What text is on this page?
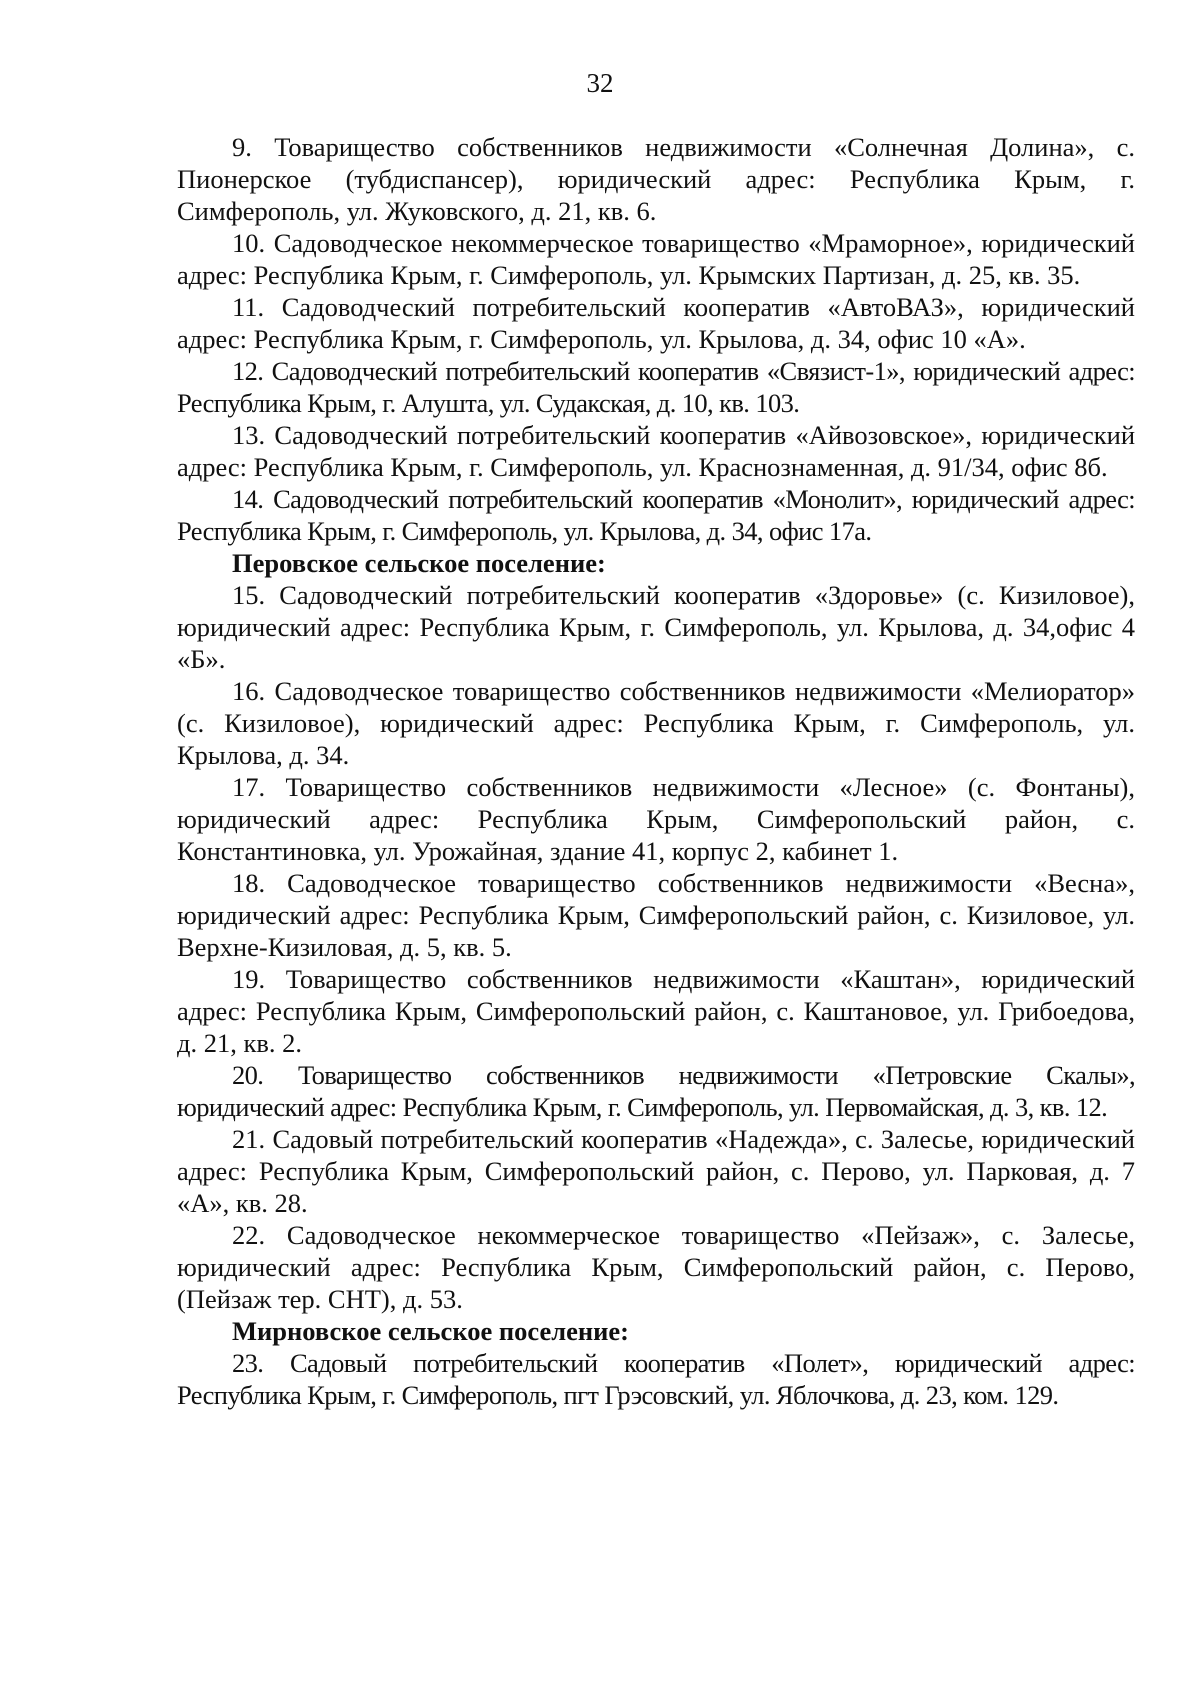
32

9. Товарищество собственников недвижимости «Солнечная Долина», с. Пионерское (тубдиспансер), юридический адрес: Республика Крым, г. Симферополь, ул. Жуковского, д. 21, кв. 6.

10. Садоводческое некоммерческое товарищество «Мраморное», юридический адрес: Республика Крым, г. Симферополь, ул. Крымских Партизан, д. 25, кв. 35.

11. Садоводческий потребительский кооператив «АвтоВАЗ», юридический адрес: Республика Крым, г. Симферополь, ул. Крылова, д. 34, офис 10 «А».

12. Садоводческий потребительский кооператив «Связист-1», юридический адрес: Республика Крым, г. Алушта, ул. Судакская, д. 10, кв. 103.

13. Садоводческий потребительский кооператив «Айвозовское», юридический адрес: Республика Крым, г. Симферополь, ул. Краснознаменная, д. 91/34, офис 8б.

14. Садоводческий потребительский кооператив «Монолит», юридический адрес: Республика Крым, г. Симферополь, ул. Крылова, д. 34, офис 17а.

Перовское сельское поселение:

15. Садоводческий потребительский кооператив «Здоровье» (с. Кизиловое), юридический адрес: Республика Крым, г. Симферополь, ул. Крылова, д. 34,офис 4 «Б».

16. Садоводческое товарищество собственников недвижимости «Мелиоратор» (с. Кизиловое), юридический адрес: Республика Крым, г. Симферополь, ул. Крылова, д. 34.

17. Товарищество собственников недвижимости «Лесное» (с. Фонтаны), юридический адрес: Республика Крым, Симферопольский район, с. Константиновка, ул. Урожайная, здание 41, корпус 2, кабинет 1.

18. Садоводческое товарищество собственников недвижимости «Весна», юридический адрес: Республика Крым, Симферопольский район, с. Кизиловое, ул. Верхне-Кизиловая, д. 5, кв. 5.

19. Товарищество собственников недвижимости «Каштан», юридический адрес: Республика Крым, Симферопольский район, с. Каштановое, ул. Грибоедова, д. 21, кв. 2.

20. Товарищество собственников недвижимости «Петровские Скалы», юридический адрес: Республика Крым, г. Симферополь, ул. Первомайская, д. 3, кв. 12.

21. Садовый потребительский кооператив «Надежда», с. Залесье, юридический адрес: Республика Крым, Симферопольский район, с. Перово, ул. Парковая, д. 7 «А», кв. 28.

22. Садоводческое некоммерческое товарищество «Пейзаж», с. Залесье, юридический адрес: Республика Крым, Симферопольский район, с. Перово, (Пейзаж тер. СНТ), д. 53.

Мирновское сельское поселение:

23. Садовый потребительский кооператив «Полет», юридический адрес: Республика Крым, г. Симферополь, пгт Грэсовский, ул. Яблочкова, д. 23, ком. 129.
